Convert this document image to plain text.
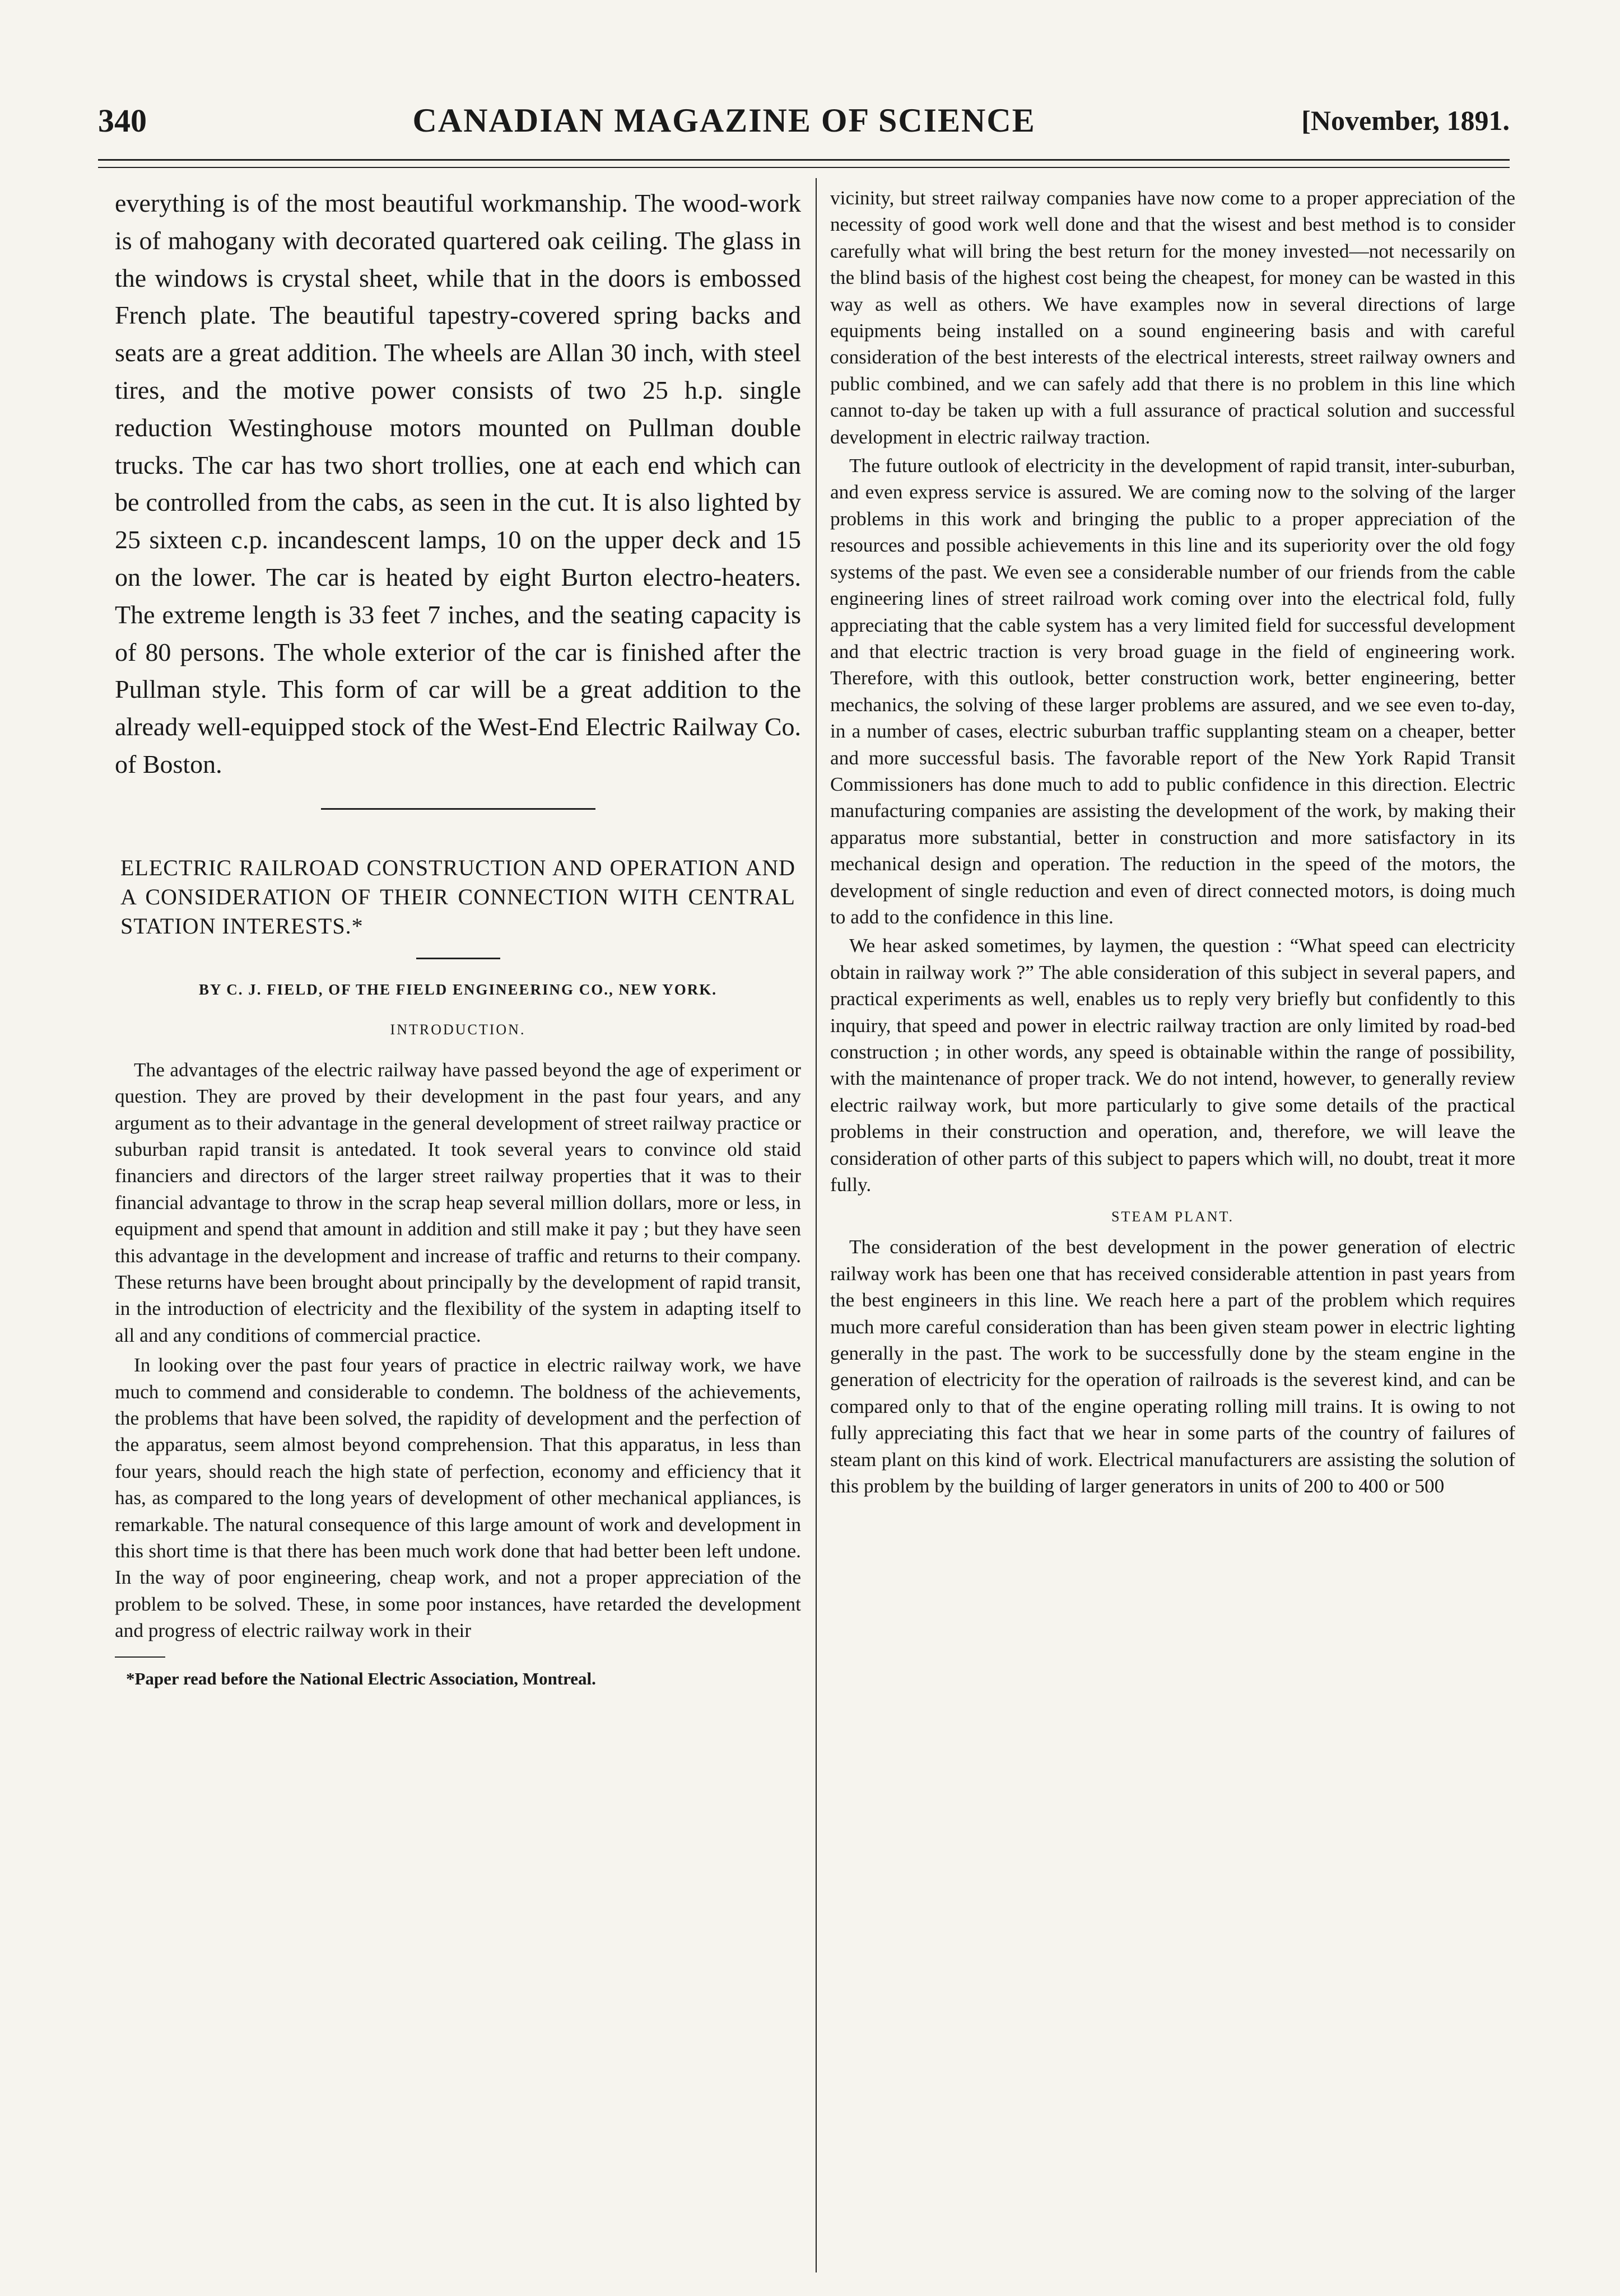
340	CANADIAN MAGAZINE OF SCIENCE	[November, 1891.

everything is of the most beautiful workmanship. The wood-work is of mahogany with decorated quartered oak ceiling. The glass in the windows is crystal sheet, while that in the doors is embossed French plate. The beautiful tapestry-covered spring backs and seats are a great addition. The wheels are Allan 30 inch, with steel tires, and the motive power consists of two 25 h.p. single reduction Westinghouse motors mounted on Pullman double trucks. The car has two short trollies, one at each end which can be controlled from the cabs, as seen in the cut. It is also lighted by 25 sixteen c.p. incandescent lamps, 10 on the upper deck and 15 on the lower. The car is heated by eight Burton electro-heaters. The extreme length is 33 feet 7 inches, and the seating capacity is of 80 persons. The whole exterior of the car is finished after the Pullman style. This form of car will be a great addition to the already well-equipped stock of the West-End Electric Railway Co. of Boston.

ELECTRIC RAILROAD CONSTRUCTION AND OPERATION AND A CONSIDERATION OF THEIR CONNECTION WITH CENTRAL STATION INTERESTS.*

BY C. J. FIELD, OF THE FIELD ENGINEERING CO., NEW YORK.
INTRODUCTION.

The advantages of the electric railway have passed beyond the age of experiment or question. They are proved by their development in the past four years, and any argument as to their advantage in the general development of street railway practice or suburban rapid transit is antedated. It took several years to convince old staid financiers and directors of the larger street railway properties that it was to their financial advantage to throw in the scrap heap several million dollars, more or less, in equipment and spend that amount in addition and still make it pay ; but they have seen this advantage in the development and increase of traffic and returns to their company. These returns have been brought about principally by the development of rapid transit, in the introduction of electricity and the flexibility of the system in adapting itself to all and any conditions of commercial practice.

In looking over the past four years of practice in electric railway work, we have much to commend and considerable to condemn. The boldness of the achievements, the problems that have been solved, the rapidity of development and the perfection of the apparatus, seem almost beyond comprehension. That this apparatus, in less than four years, should reach the high state of perfection, economy and efficiency that it has, as compared to the long years of development of other mechanical appliances, is remarkable. The natural consequence of this large amount of work and development in this short time is that there has been much work done that had better been left undone. In the way of poor engineering, cheap work, and not a proper appreciation of the problem to be solved. These, in some poor instances, have retarded the development and progress of electric railway work in their

*Paper read before the National Electric Association, Montreal.

vicinity, but street railway companies have now come to a proper appreciation of the necessity of good work well done and that the wisest and best method is to consider carefully what will bring the best return for the money invested—not necessarily on the blind basis of the highest cost being the cheapest, for money can be wasted in this way as well as others. We have examples now in several directions of large equipments being installed on a sound engineering basis and with careful consideration of the best interests of the electrical interests, street railway owners and public combined, and we can safely add that there is no problem in this line which cannot to-day be taken up with a full assurance of practical solution and successful development in electric railway traction.

The future outlook of electricity in the development of rapid transit, inter-suburban, and even express service is assured. We are coming now to the solving of the larger problems in this work and bringing the public to a proper appreciation of the resources and possible achievements in this line and its superiority over the old fogy systems of the past. We even see a considerable number of our friends from the cable engineering lines of street railroad work coming over into the electrical fold, fully appreciating that the cable system has a very limited field for successful development and that electric traction is very broad guage in the field of engineering work. Therefore, with this outlook, better construction work, better engineering, better mechanics, the solving of these larger problems are assured, and we see even to-day, in a number of cases, electric suburban traffic supplanting steam on a cheaper, better and more successful basis. The favorable report of the New York Rapid Transit Commissioners has done much to add to public confidence in this direction. Electric manufacturing companies are assisting the development of the work, by making their apparatus more substantial, better in construction and more satisfactory in its mechanical design and operation. The reduction in the speed of the motors, the development of single reduction and even of direct connected motors, is doing much to add to the confidence in this line.

We hear asked sometimes, by laymen, the question : “What speed can electricity obtain in railway work ?” The able consideration of this subject in several papers, and practical experiments as well, enables us to reply very briefly but confidently to this inquiry, that speed and power in electric railway traction are only limited by road-bed construction ; in other words, any speed is obtainable within the range of possibility, with the maintenance of proper track. We do not intend, however, to generally review electric railway work, but more particularly to give some details of the practical problems in their construction and operation, and, therefore, we will leave the consideration of other parts of this subject to papers which will, no doubt, treat it more fully.

STEAM PLANT.

The consideration of the best development in the power generation of electric railway work has been one that has received considerable attention in past years from the best engineers in this line. We reach here a part of the problem which requires much more careful consideration than has been given steam power in electric lighting generally in the past. The work to be successfully done by the steam engine in the generation of electricity for the operation of railroads is the severest kind, and can be compared only to that of the engine operating rolling mill trains. It is owing to not fully appreciating this fact that we hear in some parts of the country of failures of steam plant on this kind of work. Electrical manufacturers are assisting the solution of this problem by the building of larger generators in units of 200 to 400 or 500
